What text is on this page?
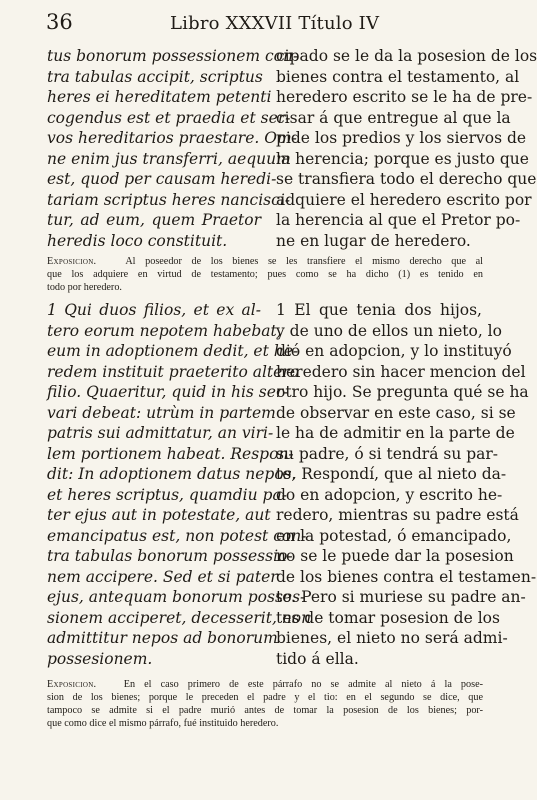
36	Libro XXXVII Título IV
tus bonorum possessionem con-
tra tabulas accipit, scriptus
heres ei hereditatem petenti
cogendus est et praedia et ser-
vos hereditarios praestare. Om-
ne enim jus transferri, aequum
est, quod per causam heredi-
tariam scriptus heres nancisci-
tur, ad eum, quem Praetor
heredis loco constituit.
cipado se le da la posesion de los
bienes contra el testamento, al
heredero escrito se le ha de pre-
cisar á que entregue al que la
pide los predios y los siervos de
la herencia; porque es justo que
se transfiera todo el derecho que
adquiere el heredero escrito por
la herencia al que el Pretor po-
ne en lugar de heredero.
Exposicion.	Al poseedor de los bienes se les transfiere el mismo derecho que al
que los adquiere en virtud de testamento; pues como se ha dicho (1) es tenido en
todo por heredero.
1 Qui duos filios, et ex al-
tero eorum nepotem habebat,
eum in adoptionem dedit, et he-
redem instituit praeterito altero
filio. Quaeritur, quid in his ser-
vari debeat: utrùm in partem
patris sui admittatur, an viri-
lem portionem habeat. Respon-
dit: In adoptionem datus nepos,
et heres scriptus, quamdiu pa-
ter ejus aut in potestate, aut
emancipatus est, non potest con-
tra tabulas bonorum possessio-
nem accipere. Sed et si pater
ejus, antequam bonorum posses-
sionem acciperet, decesserit, non
admittitur nepos ad bonorum
possesionem.
1 El que tenia dos hijos,
y de uno de ellos un nieto, lo
dió en adopcion, y lo instituyó
heredero sin hacer mencion del
otro hijo. Se pregunta qué se ha
de observar en este caso, si se
le ha de admitir en la parte de
su padre, ó si tendrá su par-
te. Respondí, que al nieto da-
do en adopcion, y escrito he-
redero, mientras su padre está
en la potestad, ó emancipado,
no se le puede dar la posesion
de los bienes contra el testamen-
to. Pero si muriese su padre an-
tes de tomar posesion de los
bienes, el nieto no será admi-
tido á ella.
Exposicion.	En el caso primero de este párrafo no se admite al nieto á la pose-
sion de los bienes; porque le preceden el padre y el tio: en el segundo se dice, que
tampoco se admite si el padre murió antes de tomar la posesion de los bienes; por-
que como dice el mismo párrafo, fué instituido heredero.
